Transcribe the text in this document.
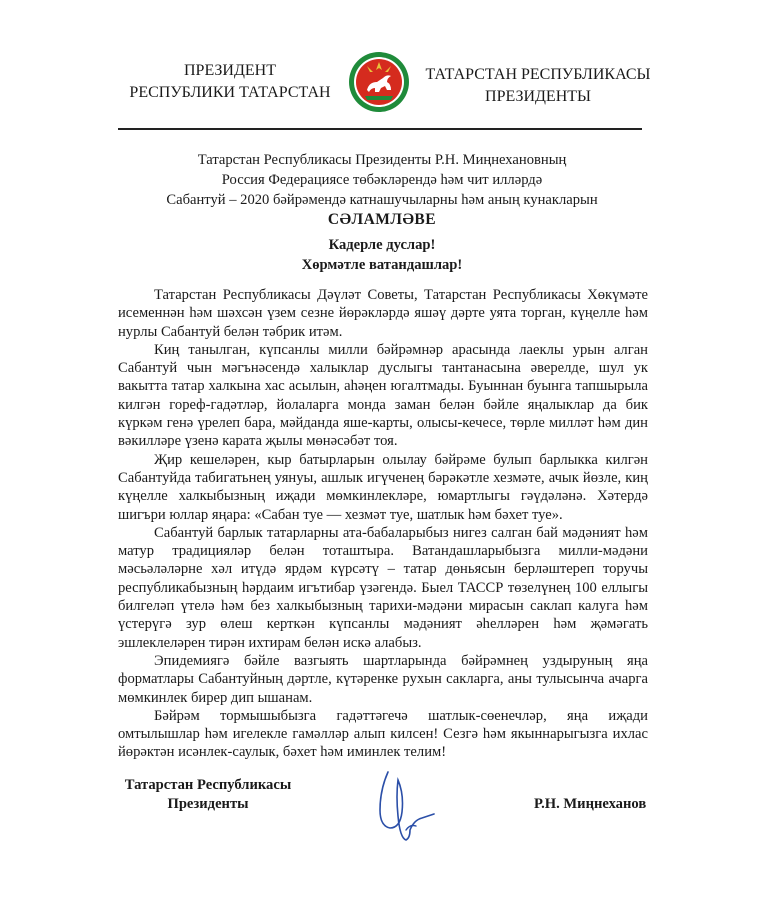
ПРЕЗИДЕНТ
РЕСПУБЛИКИ ТАТАРСТАН
ТАТАРСТАН РЕСПУБЛИКАСЫ
ПРЕЗИДЕНТЫ
Татарстан Республикасы Президенты Р.Н. Миңнехановның
Россия Федерациясе төбәкләрендә һәм чит илләрдә
Сабантуй – 2020 бәйрәмендә катнашучыларны һәм аның кунакларын
СӘЛАМЛӘВЕ
Кадерле дуслар!
Хөрмәтле ватандашлар!

Татарстан Республикасы Дәүләт Советы, Татарстан Республикасы Хөкүмәте исеменнән һәм шәхсән үзем сезне йөрәкләрдә яшәү дәрте уята торган, күңелле һәм нурлы Сабантуй белән тәбрик итәм.

Киң танылган, күпсанлы милли бәйрәмнәр арасында лаеклы урын алган Сабантуй чын мәгънәсендә халыклар дуслыгы тантанасына әверелде, шул ук вакытта татар халкына хас асылын, аһәңен югалтмады. Буыннан буынга тапшырыла килгән гореф-гадәтләр, йолаларга монда заман белән бәйле яңалыклар да бик күркәм генә үрелеп бара, мәйданда яше-карты, олысы-кечесе, төрле милләт һәм дин вәкилләре үзенә карата җылы мөнәсәбәт тоя.

Җир кешеләрен, кыр батырларын олылау бәйрәме булып барлыкка килгән Сабантуйда табигатьнең уянуы, ашлык игүченең бәрәкәтле хезмәте, ачык йөзле, киң күңелле халкыбызның иҗади мөмкинлекләре, юмартлыгы гәүдәләнә. Хәтердә шигъри юллар яңара: «Сабан туе — хезмәт туе, шатлык һәм бәхет туе».

Сабантуй барлык татарларны ата-бабаларыбыз нигез салган бай мәдәният һәм матур традицияләр белән тоташтыра. Ватандашларыбызга милли-мәдәни мәсьәләләрне хәл итүдә ярдәм күрсәтү – татар дөньясын берләштереп торучы республикабызның һәрдаим игътибар үзәгендә. Быел ТАССР төзелүнең 100 еллыгы билгеләп үтелә һәм без халкыбызның тарихи-мәдәни мирасын саклап калуга һәм үстерүгә зур өлеш керткән күпсанлы мәдәният әһелләрен һәм җәмәгать эшлеклеләрен тирән ихтирам белән искә алабыз.

Эпидемиягә бәйле вазгыять шартларында бәйрәмнең уздыруның яңа форматлары Сабантуйның дәртле, күтәренке рухын сакларга, аны тулысынча ачарга мөмкинлек бирер дип ышанам.

Бәйрәм тормышыбызга гадәттәгечә шатлык-сөенечләр, яңа иҗади омтылышлар һәм игелекле гамәлләр алып килсен! Сезгә һәм якыннарыгызга ихлас йөрәктән исәнлек-саулык, бәхет һәм иминлек телим!

Татарстан Республикасы
Президенты	Р.Н. Миңнеханов
